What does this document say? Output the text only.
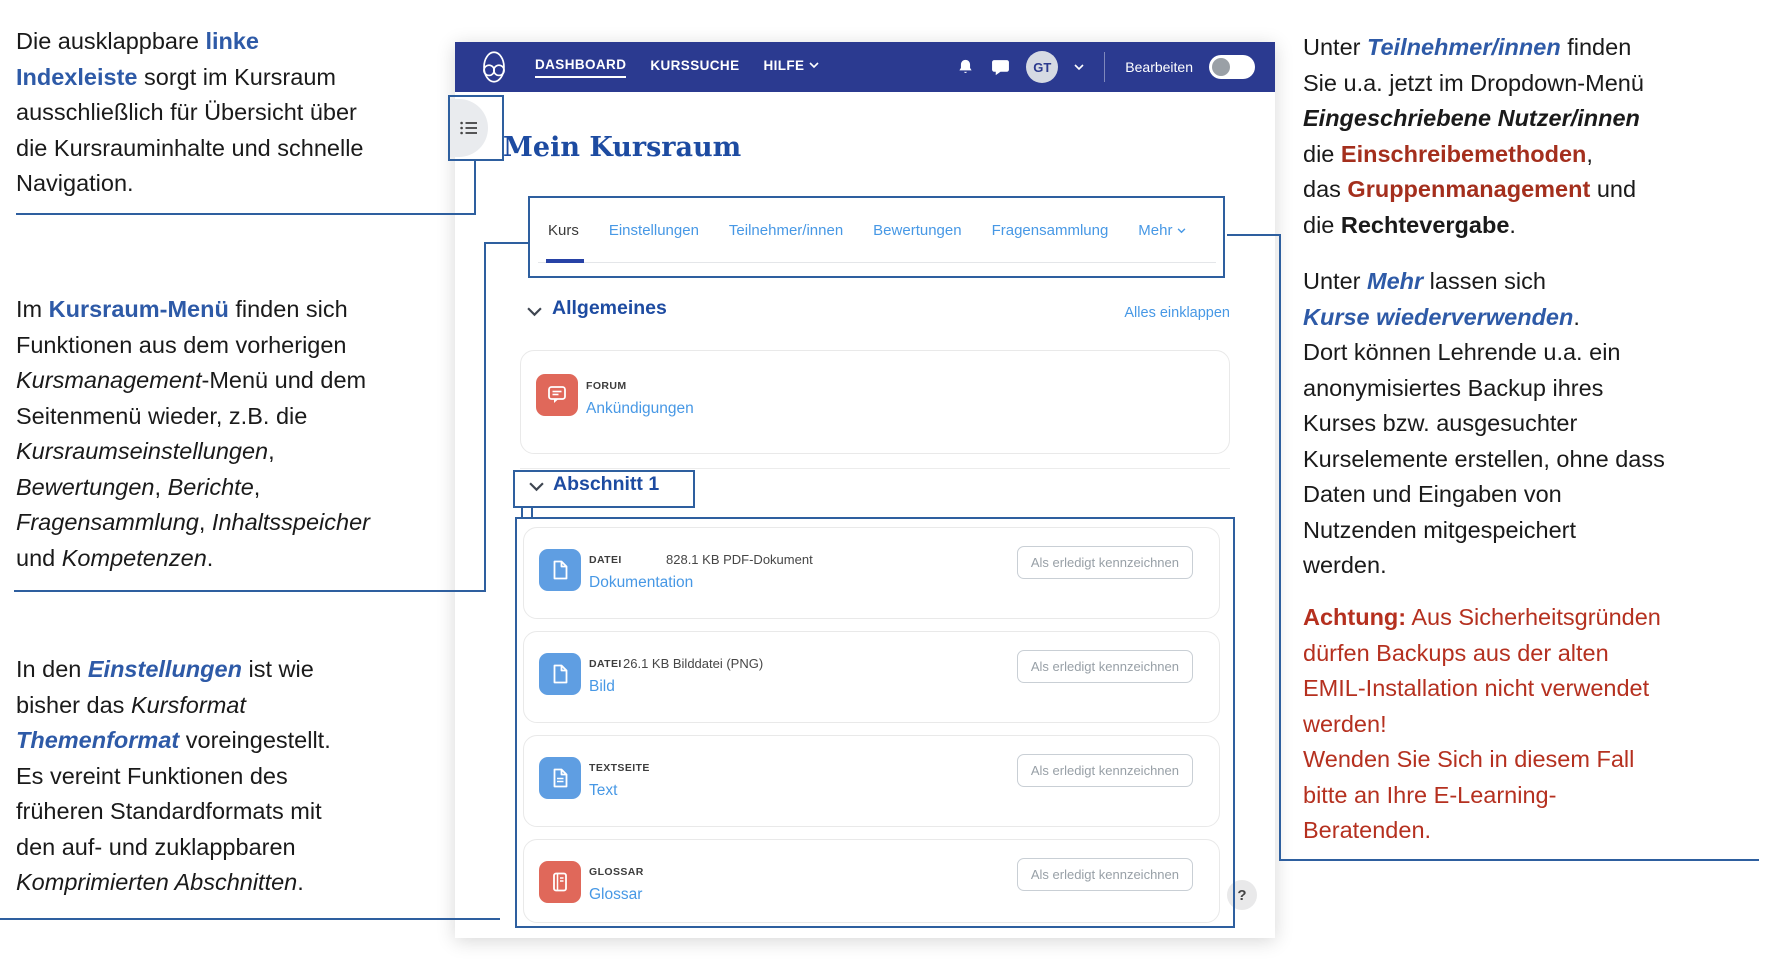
Die ausklappbare linke
Indexleiste sorgt im Kursraum
ausschließlich für Übersicht über
die Kursrauminhalte und schnelle
Navigation.
Im Kursraum-Menü finden sich
Funktionen aus dem vorherigen
Kursmanagement-Menü und dem
Seitenmenü wieder, z.B. die
Kursraumseinstellungen,
Bewertungen, Berichte,
Fragensammlung, Inhaltsspeicher
und Kompetenzen.
In den Einstellungen ist wie
bisher das Kursformat
Themenformat voreingestellt.
Es vereint Funktionen des
früheren Standardformats mit
den auf- und zuklappbaren
Komprimierten Abschnitten.
Unter Teilnehmer/innen finden
Sie u.a. jetzt im Dropdown-Menü
Eingeschriebene Nutzer/innen
die Einschreibemethoden,
das Gruppenmanagement und
die Rechtevergabe.
Unter Mehr lassen sich
Kurse wiederverwenden.
Dort können Lehrende u.a. ein
anonymisiertes Backup ihres
Kurses bzw. ausgesuchter
Kurselemente erstellen, ohne dass
Daten und Eingaben von
Nutzenden mitgespeichert
werden.
Achtung: Aus Sicherheitsgründen
dürfen Backups aus der alten
EMIL-Installation nicht verwendet
werden!
Wenden Sie Sich in diesem Fall
bitte an Ihre E-Learning-
Beratenden.
DASHBOARD KURSSUCHE HILFE	GT	Bearbeiten
Mein Kursraum
Kurs Einstellungen Teilnehmer/innen Bewertungen Fragensammlung Mehr
Allgemeines	Alles einklappen
FORUM
Ankündigungen
Abschnitt 1
DATEI	828.1 KB PDF-Dokument
Dokumentation
Als erledigt kennzeichnen
DATEI 26.1 KB Bilddatei (PNG)
Bild
Als erledigt kennzeichnen
TEXTSEITE
Text
Als erledigt kennzeichnen
GLOSSAR
Glossar
Als erledigt kennzeichnen
?
